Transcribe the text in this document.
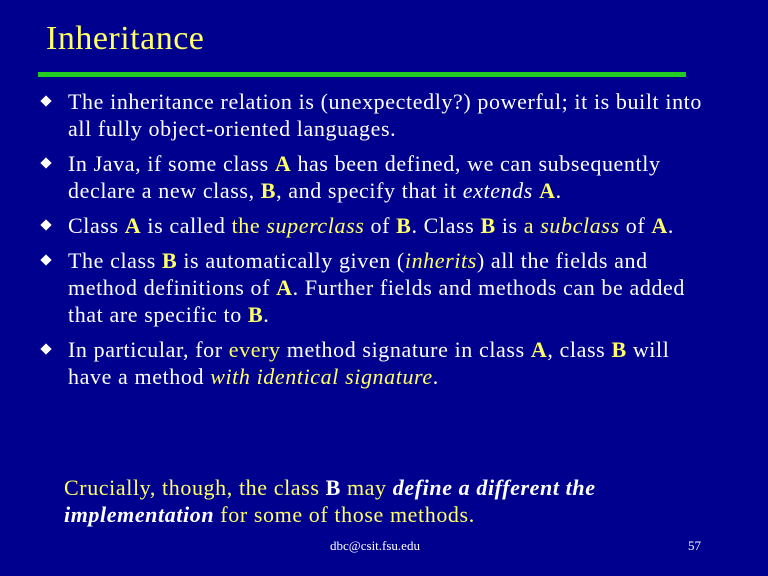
Inheritance
The inheritance relation is (unexpectedly?) powerful; it is built into all fully object-oriented languages.
In Java, if some class A has been defined, we can subsequently declare a new class, B, and specify that it extends A.
Class A is called the superclass of B. Class B is a subclass of A.
The class B is automatically given (inherits) all the fields and method definitions of A. Further fields and methods can be added that are specific to B.
In particular, for every method signature in class A, class B will have a method with identical signature.
Crucially, though, the class B may define a different the implementation for some of those methods.
dbc@csit.fsu.edu	57
